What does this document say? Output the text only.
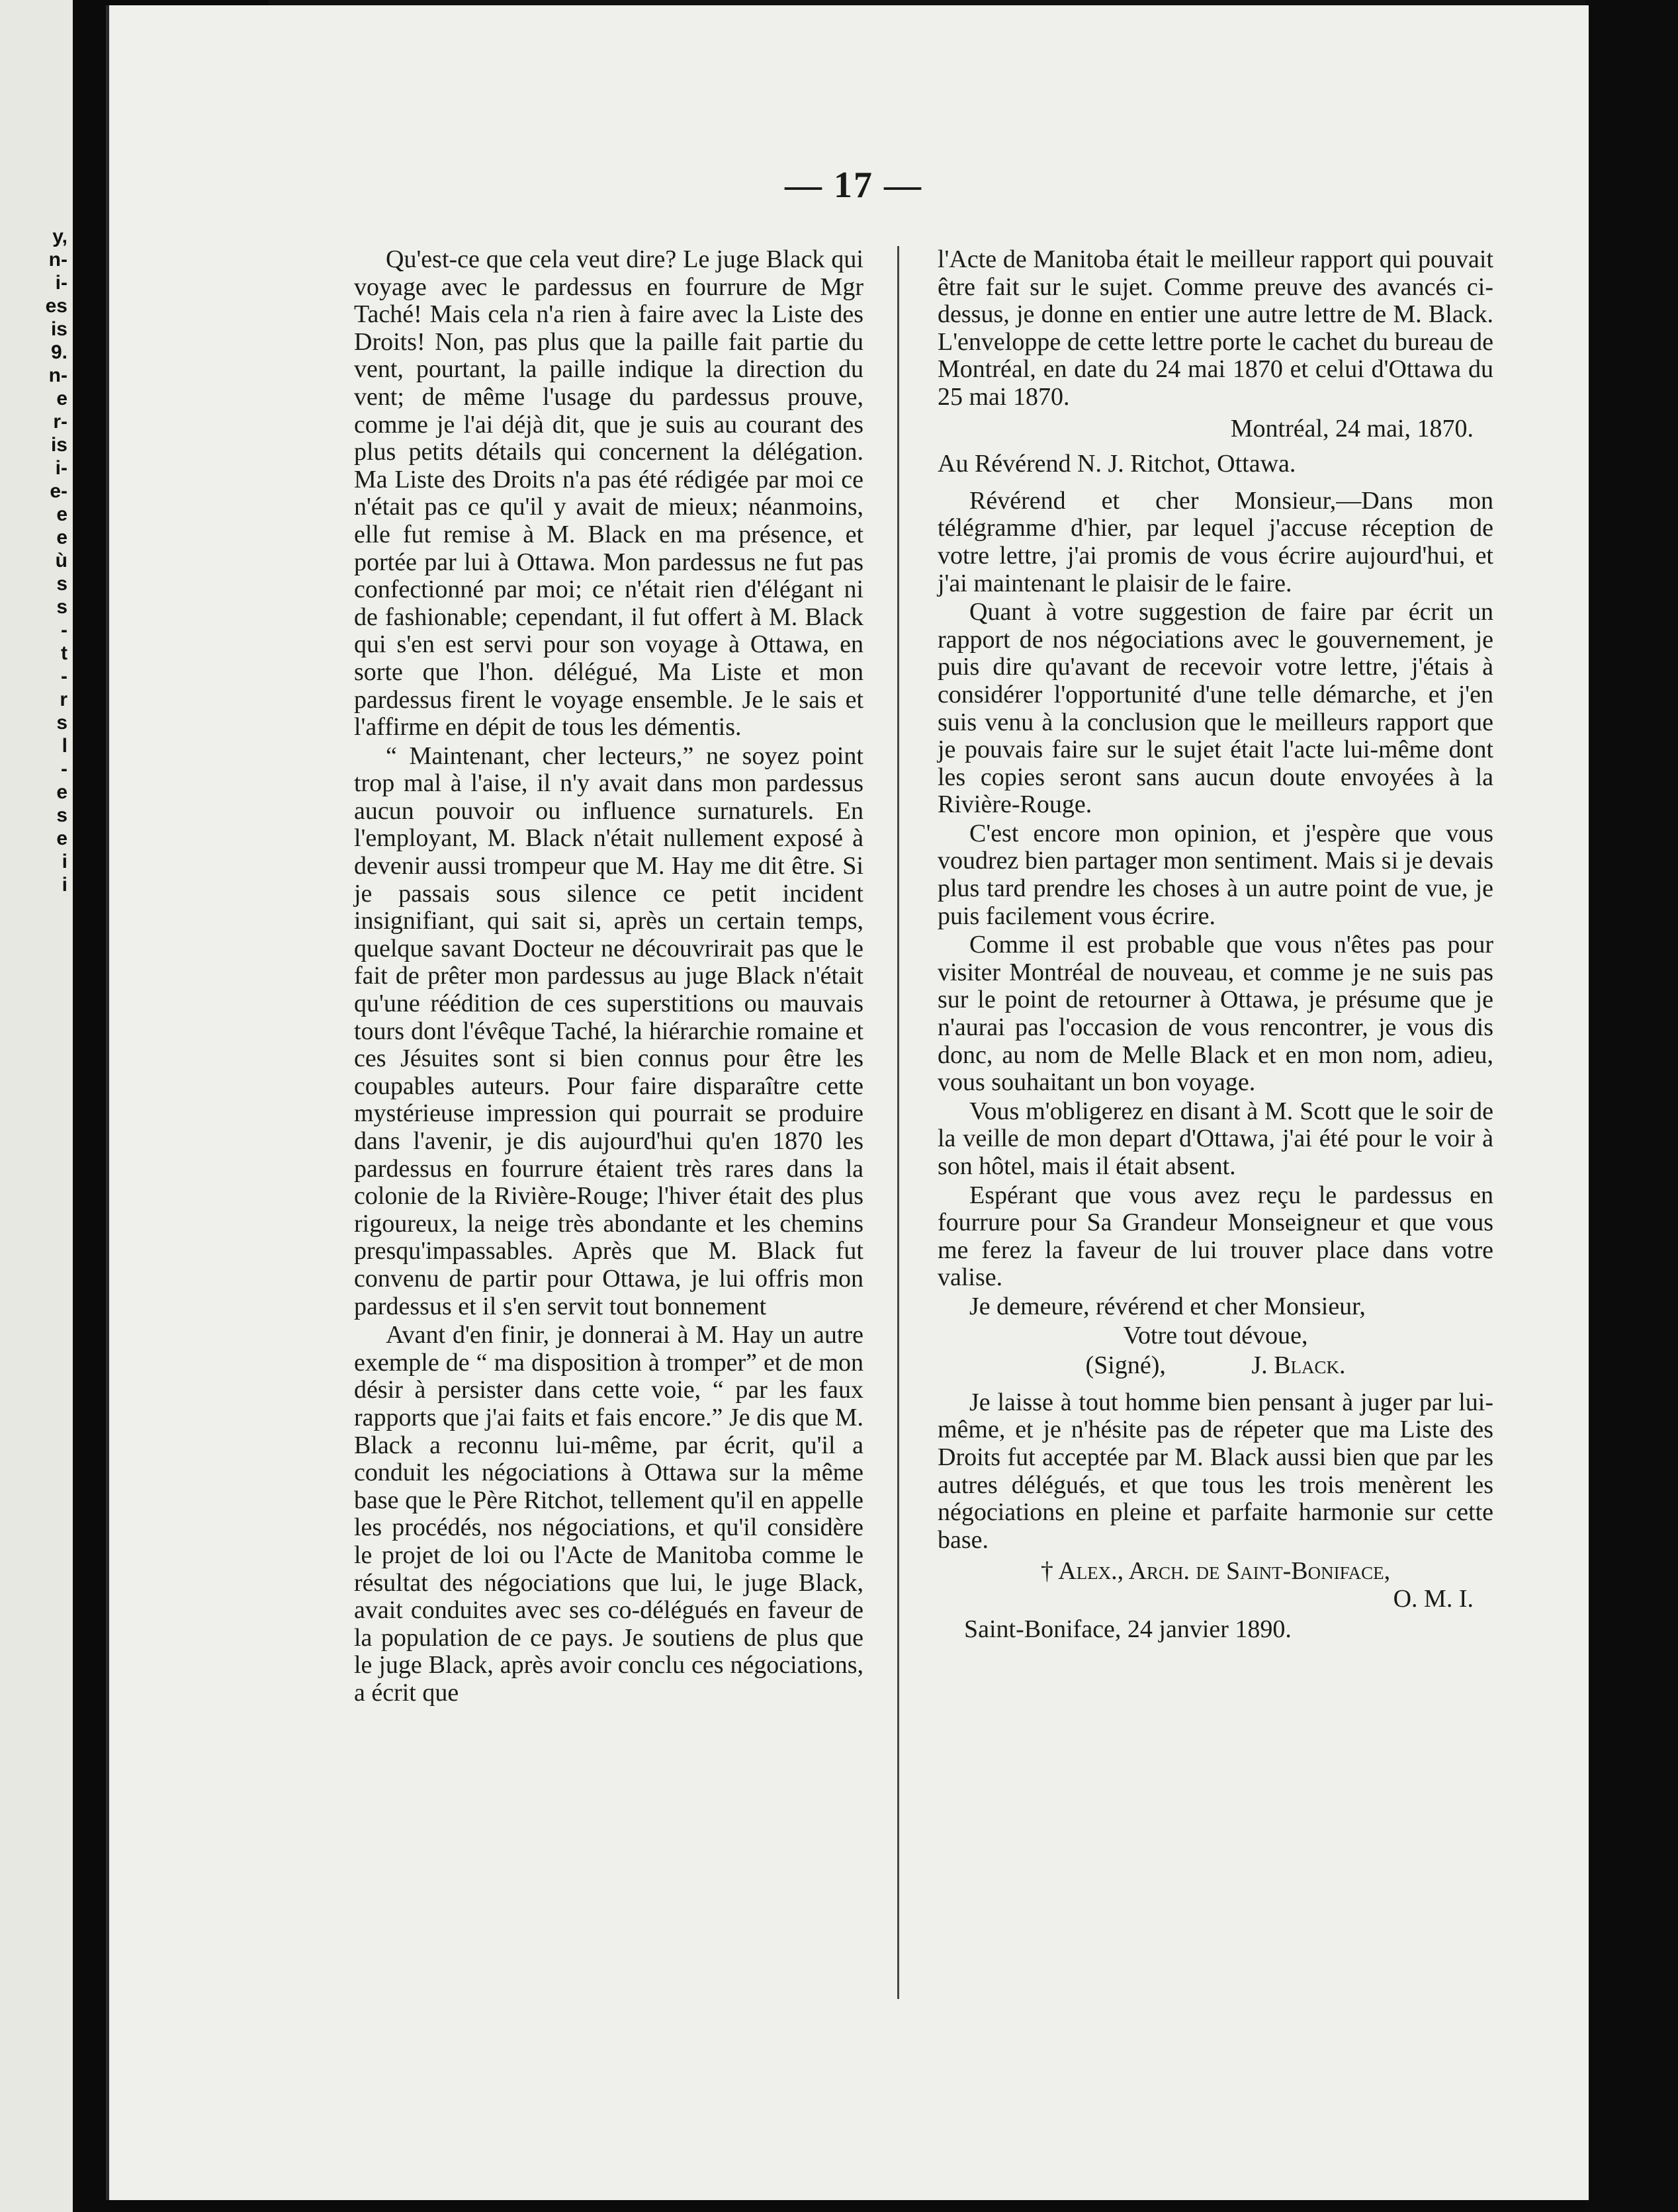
y,
n-
i-
es
is
9.
n-
e
r-
is
i-
e-
e
e
ù
s
s
-
t
-
r
s
l
-
e
s
e
i
i
— 17 —

Qu'est-ce que cela veut dire? Le juge Black qui voyage avec le pardessus en fourrure de Mgr Taché! Mais cela n'a rien à faire avec la Liste des Droits! Non, pas plus que la paille fait partie du vent, pourtant, la paille indique la direction du vent; de même l'usage du pardessus prouve, comme je l'ai déjà dit, que je suis au courant des plus petits détails qui concernent la délégation. Ma Liste des Droits n'a pas été rédigée par moi ce n'était pas ce qu'il y avait de mieux; néanmoins, elle fut remise à M. Black en ma présence, et portée par lui à Ottawa. Mon pardessus ne fut pas confectionné par moi; ce n'était rien d'élégant ni de fashionable; cependant, il fut offert à M. Black qui s'en est servi pour son voyage à Ottawa, en sorte que l'hon. délégué, Ma Liste et mon pardessus firent le voyage ensemble. Je le sais et l'affirme en dépit de tous les démentis.

“ Maintenant, cher lecteurs,” ne soyez point trop mal à l'aise, il n'y avait dans mon pardessus aucun pouvoir ou influence surnaturels. En l'employant, M. Black n'était nullement exposé à devenir aussi trompeur que M. Hay me dit être. Si je passais sous silence ce petit incident insignifiant, qui sait si, après un certain temps, quelque savant Docteur ne découvrirait pas que le fait de prêter mon pardessus au juge Black n'était qu'une réédition de ces superstitions ou mauvais tours dont l'évêque Taché, la hiérarchie romaine et ces Jésuites sont si bien connus pour être les coupables auteurs. Pour faire disparaître cette mystérieuse impression qui pourrait se produire dans l'avenir, je dis aujourd'hui qu'en 1870 les pardessus en fourrure étaient très rares dans la colonie de la Rivière-Rouge; l'hiver était des plus rigoureux, la neige très abondante et les chemins presqu'impassables. Après que M. Black fut convenu de partir pour Ottawa, je lui offris mon pardessus et il s'en servit tout bonnement

Avant d'en finir, je donnerai à M. Hay un autre exemple de “ ma disposition à tromper” et de mon désir à persister dans cette voie, “ par les faux rapports que j'ai faits et fais encore.” Je dis que M. Black a reconnu lui-même, par écrit, qu'il a conduit les négociations à Ottawa sur la même base que le Père Ritchot, tellement qu'il en appelle les procédés, nos négociations, et qu'il considère le projet de loi ou l'Acte de Manitoba comme le résultat des négociations que lui, le juge Black, avait conduites avec ses co-délégués en faveur de la population de ce pays. Je soutiens de plus que le juge Black, après avoir conclu ces négociations, a écrit que

l'Acte de Manitoba était le meilleur rapport qui pouvait être fait sur le sujet. Comme preuve des avancés ci-dessus, je donne en entier une autre lettre de M. Black. L'enveloppe de cette lettre porte le cachet du bureau de Montréal, en date du 24 mai 1870 et celui d'Ottawa du 25 mai 1870.

Montréal, 24 mai, 1870.

Au Révérend N. J. Ritchot, Ottawa.

Révérend et cher Monsieur,—Dans mon télégramme d'hier, par lequel j'accuse réception de votre lettre, j'ai promis de vous écrire aujourd'hui, et j'ai maintenant le plaisir de le faire.

Quant à votre suggestion de faire par écrit un rapport de nos négociations avec le gouvernement, je puis dire qu'avant de recevoir votre lettre, j'étais à considérer l'opportunité d'une telle démarche, et j'en suis venu à la conclusion que le meilleurs rapport que je pouvais faire sur le sujet était l'acte lui-même dont les copies seront sans aucun doute envoyées à la Rivière-Rouge.

C'est encore mon opinion, et j'espère que vous voudrez bien partager mon sentiment. Mais si je devais plus tard prendre les choses à un autre point de vue, je puis facilement vous écrire.

Comme il est probable que vous n'êtes pas pour visiter Montréal de nouveau, et comme je ne suis pas sur le point de retourner à Ottawa, je présume que je n'aurai pas l'occasion de vous rencontrer, je vous dis donc, au nom de Melle Black et en mon nom, adieu, vous souhaitant un bon voyage.

Vous m'obligerez en disant à M. Scott que le soir de la veille de mon depart d'Ottawa, j'ai été pour le voir à son hôtel, mais il était absent.

Espérant que vous avez reçu le pardessus en fourrure pour Sa Grandeur Monseigneur et que vous me ferez la faveur de lui trouver place dans votre valise.

Je demeure, révérend et cher Monsieur,

Votre tout dévoue,

(Signé),	J. Black.

Je laisse à tout homme bien pensant à juger par lui-même, et je n'hésite pas de répeter que ma Liste des Droits fut acceptée par M. Black aussi bien que par les autres délégués, et que tous les trois menèrent les négociations en pleine et parfaite harmonie sur cette base.

† Alex., Arch. de Saint-Boniface,

O. M. I.

Saint-Boniface, 24 janvier 1890.
